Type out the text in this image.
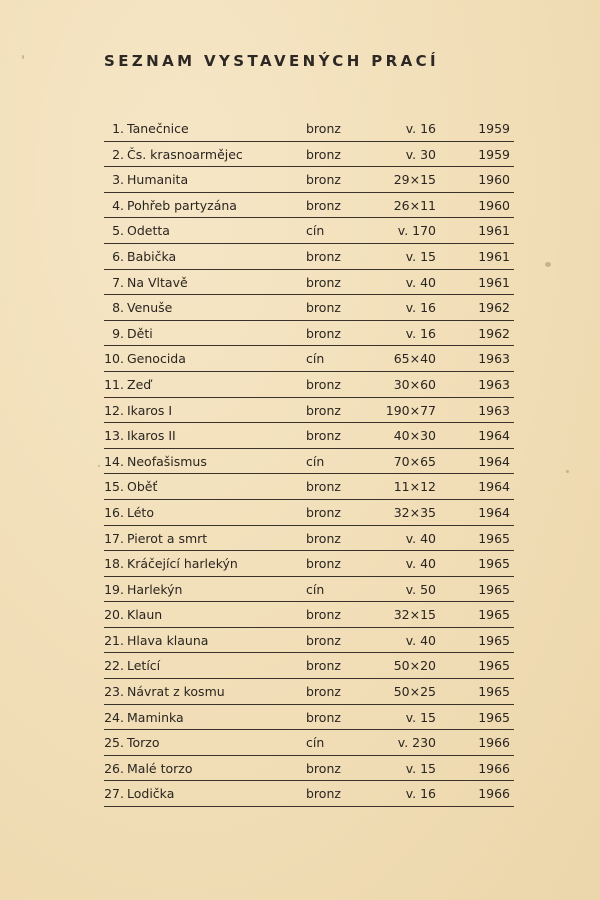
SEZNAM VYSTAVENÝCH PRACÍ
1. Tanečnice	bronz	v. 16	1959
2. Čs. krasnoarmějec	bronz	v. 30	1959
3. Humanita	bronz	29×15	1960
4. Pohřeb partyzána	bronz	26×11	1960
5. Odetta	cín	v. 170	1961
6. Babička	bronz	v. 15	1961
7. Na Vltavě	bronz	v. 40	1961
8. Venuše	bronz	v. 16	1962
9. Děti	bronz	v. 16	1962
10. Genocida	cín	65×40	1963
11. Zeď	bronz	30×60	1963
12. Ikaros I	bronz	190×77	1963
13. Ikaros II	bronz	40×30	1964
14. Neofašismus	cín	70×65	1964
15. Oběť	bronz	11×12	1964
16. Léto	bronz	32×35	1964
17. Pierot a smrt	bronz	v. 40	1965
18. Kráčející harlekýn	bronz	v. 40	1965
19. Harlekýn	cín	v. 50	1965
20. Klaun	bronz	32×15	1965
21. Hlava klauna	bronz	v. 40	1965
22. Letící	bronz	50×20	1965
23. Návrat z kosmu	bronz	50×25	1965
24. Maminka	bronz	v. 15	1965
25. Torzo	cín	v. 230	1966
26. Malé torzo	bronz	v. 15	1966
27. Lodička	bronz	v. 16	1966
